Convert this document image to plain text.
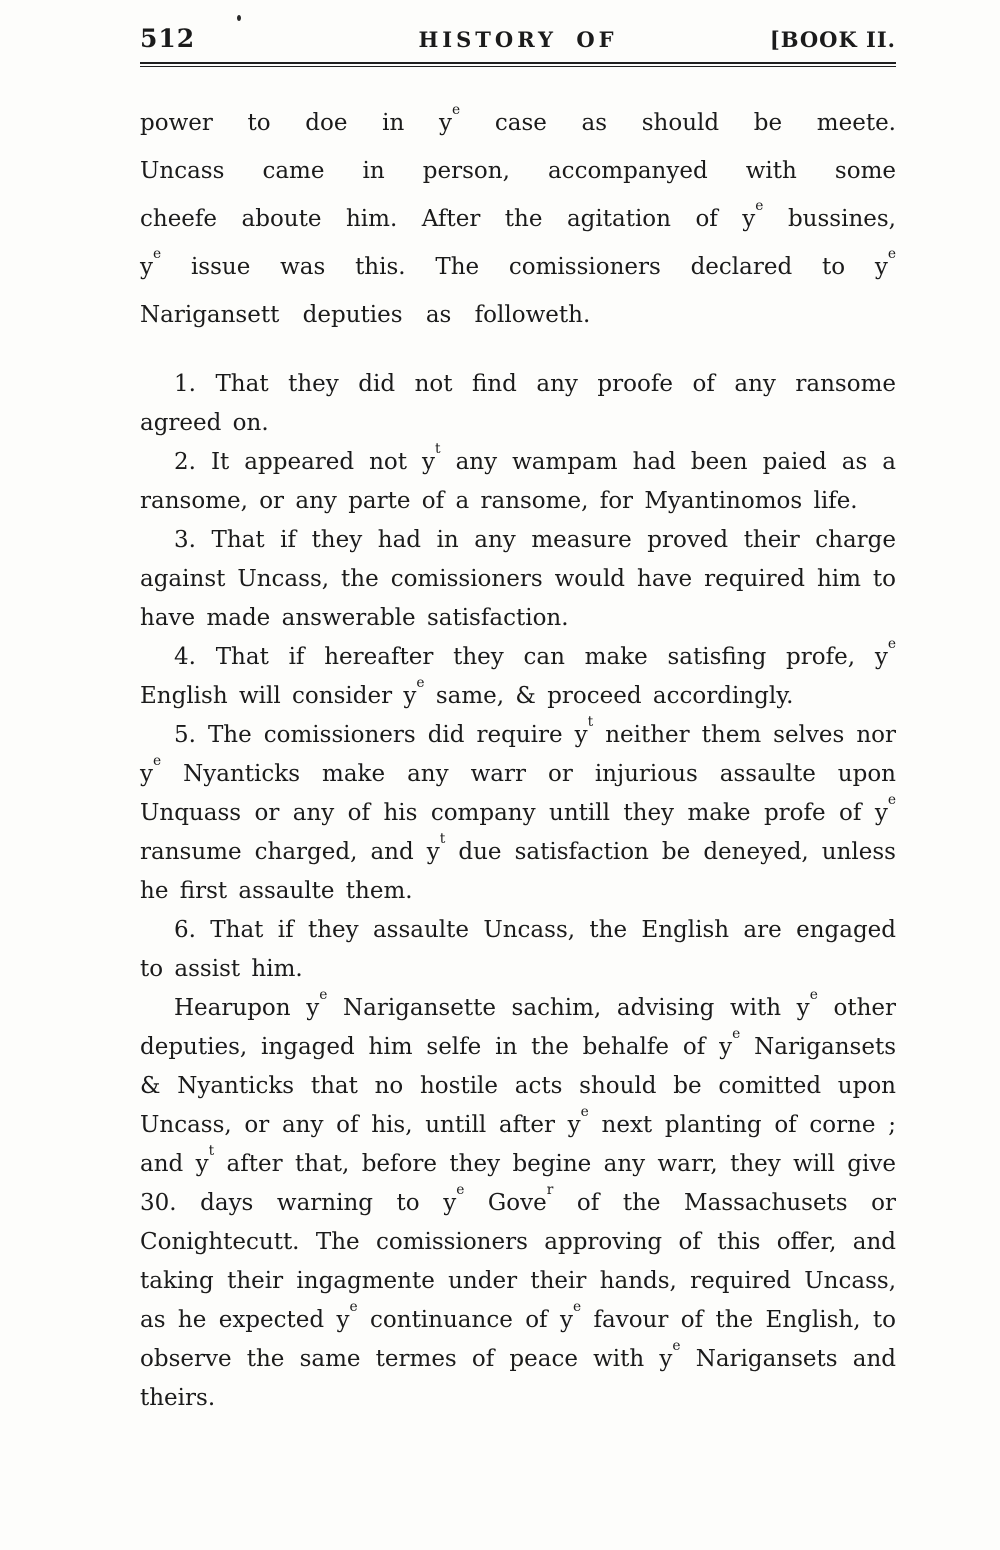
512	HISTORY OF	[BOOK II.

power to doe in $y^e$ case as should be meete. Uncass came in person, accompanyed with some cheefe aboute him. After the agitation of $y^e$ bussines, $y^e$ issue was this. The comissioners declared to $y^e$ Narigansett deputies as followeth.

1. That they did not find any proofe of any ransome agreed on.

2. It appeared not $y^t$ any wampam had been paied as a ransome, or any parte of a ransome, for Myantinomos life.

3. That if they had in any measure proved their charge against Uncass, the comissioners would have required him to have made answerable satisfaction.

4. That if hereafter they can make satisfing profe, $y^e$ English will consider $y^e$ same, & proceed accordingly.

5. The comissioners did require $y^t$ neither them selves nor $y^e$ Nyanticks make any warr or injurious assaulte upon Unquass or any of his company untill they make profe of $y^e$ ransume charged, and $y^t$ due satisfaction be deneyed, unless he first assaulte them.

6. That if they assaulte Uncass, the English are engaged to assist him.

Hearupon $y^e$ Narigansette sachim, advising with $y^e$ other deputies, ingaged him selfe in the behalfe of $y^e$ Narigansets & Nyanticks that no hostile acts should be comitted upon Uncass, or any of his, untill after $y^e$ next planting of corne ; and $y^t$ after that, before they begine any warr, they will give 30. days warning to $y^e$ Gove$^r$ of the Massachusets or Conightecutt. The comissioners approving of this offer, and taking their ingagmente under their hands, required Uncass, as he expected $y^e$ continuance of $y^e$ favour of the English, to observe the same termes of peace with $y^e$ Narigansets and theirs.
